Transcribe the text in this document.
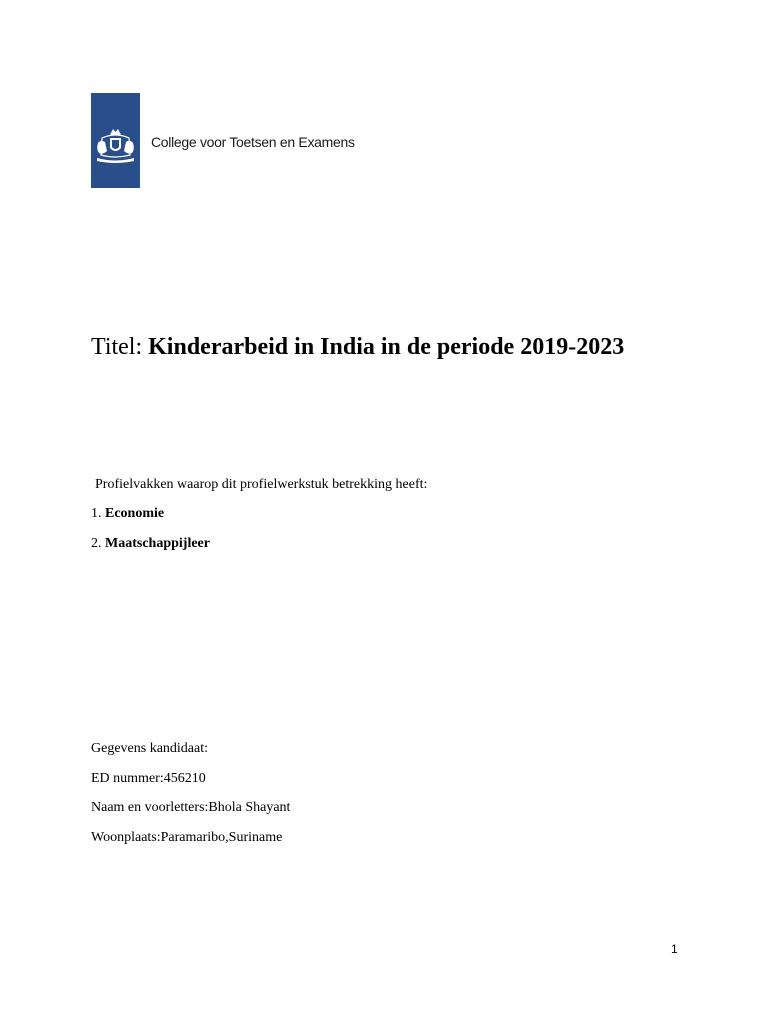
College voor Toetsen en Examens
Titel: Kinderarbeid in India in de periode 2019-2023
Profielvakken waarop dit profielwerkstuk betrekking heeft:
1. Economie
2. Maatschappijleer
Gegevens kandidaat:
ED nummer:456210
Naam en voorletters:Bhola Shayant
Woonplaats:Paramaribo,Suriname
1
